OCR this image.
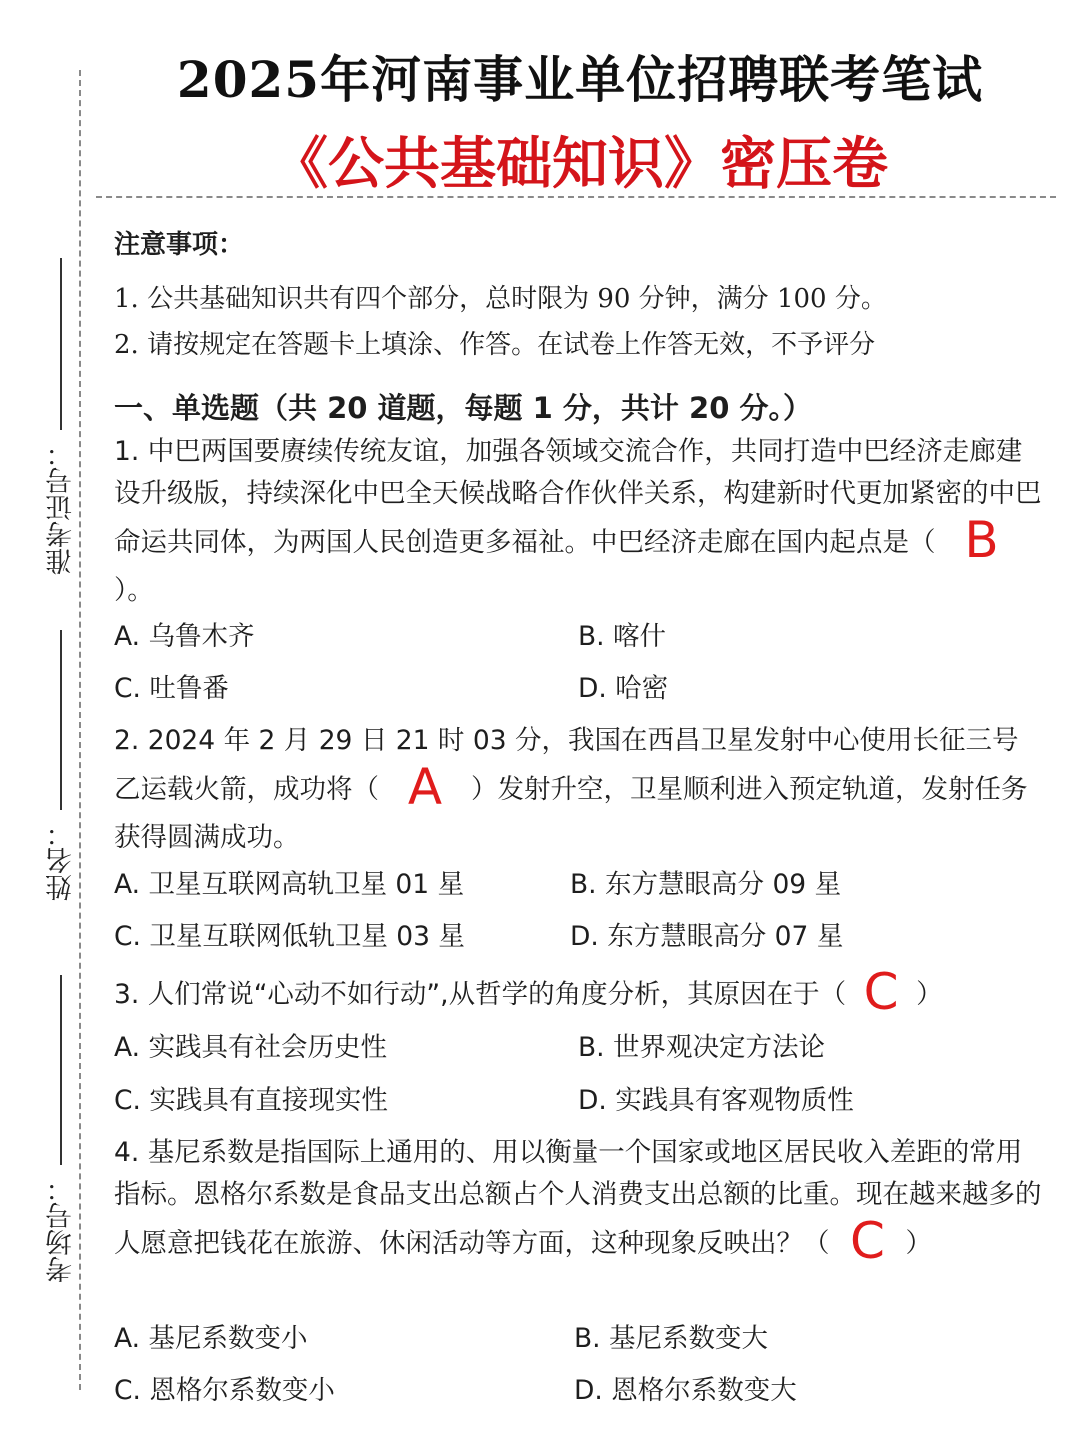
2025年河南事业单位招聘联考笔试
《公共基础知识》密压卷
准考证号：
姓名：
考场号：
注意事项：
1. 公共基础知识共有四个部分，总时限为 90 分钟，满分 100 分。
2. 请按规定在答题卡上填涂、作答。在试卷上作答无效，不予评分
一、单选题（共 20 道题，每题 1 分，共计 20 分。）
1. 中巴两国要赓续传统友谊，加强各领域交流合作，共同打造中巴经济走廊建设升级版，持续深化中巴全天候战略合作伙伴关系，构建新时代更加紧密的中巴命运共同体，为两国人民创造更多福祉。中巴经济走廊在国内起点是（ B）。
A. 乌鲁木齐	B. 喀什
C. 吐鲁番	D. 哈密
2. 2024 年 2 月 29 日 21 时 03 分，我国在西昌卫星发射中心使用长征三号乙运载火箭，成功将（ A ）发射升空，卫星顺利进入预定轨道，发射任务获得圆满成功。
A. 卫星互联网高轨卫星 01 星	B. 东方慧眼高分 09 星
C. 卫星互联网低轨卫星 03 星	D. 东方慧眼高分 07 星
3. 人们常说“心动不如行动”,从哲学的角度分析，其原因在于（ C ）
A. 实践具有社会历史性	B. 世界观决定方法论
C. 实践具有直接现实性	D. 实践具有客观物质性
4. 基尼系数是指国际上通用的、用以衡量一个国家或地区居民收入差距的常用指标。恩格尔系数是食品支出总额占个人消费支出总额的比重。现在越来越多的人愿意把钱花在旅游、休闲活动等方面，这种现象反映出？（ C ）
A. 基尼系数变小	B. 基尼系数变大
C. 恩格尔系数变小	D. 恩格尔系数变大
